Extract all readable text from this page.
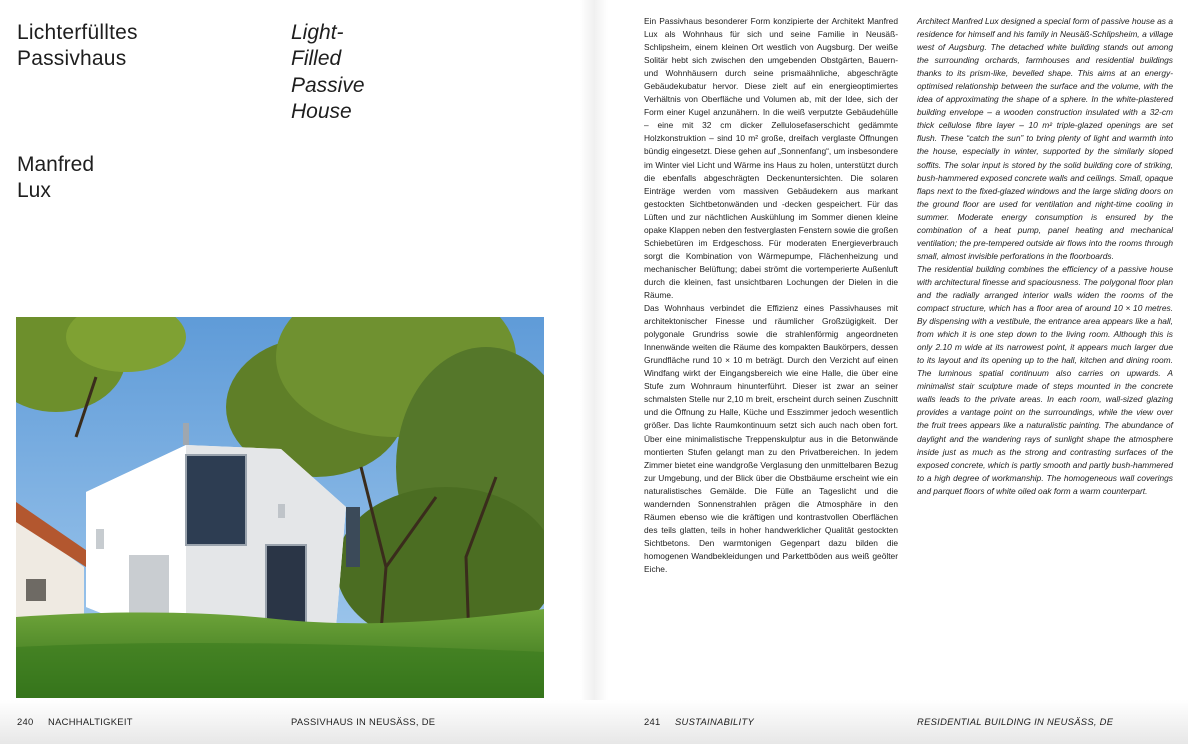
Lichterfülltes
Passivhaus
Light-
Filled
Passive
House
Manfred
Lux

Ein Passivhaus besonderer Form konzipierte der Architekt Manfred Lux als Wohnhaus für sich und seine Familie in Neusäß-Schlipsheim, einem kleinen Ort westlich von Augsburg. Der weiße Solitär hebt sich zwischen den umgebenden Obstgärten, Bauern- und Wohnhäusern durch seine prismaähnliche, abgeschrägte Gebäudekubatur hervor. Diese zielt auf ein energieoptimiertes Verhältnis von Oberfläche und Volumen ab, mit der Idee, sich der Form einer Kugel anzunähern. In die weiß verputzte Gebäudehülle – eine mit 32 cm dicker Zellulosefaserschicht gedämmte Holzkonstruktion – sind 10 m² große, dreifach verglaste Öffnungen bündig eingesetzt. Diese gehen auf „Sonnenfang“, um insbesondere im Winter viel Licht und Wärme ins Haus zu holen, unterstützt durch die ebenfalls abgeschrägten Deckenuntersichten. Die solaren Einträge werden vom massiven Gebäudekern aus markant gestockten Sichtbetonwänden und -decken gespeichert. Für das Lüften und zur nächtlichen Auskühlung im Sommer dienen kleine opake Klappen neben den festverglasten Fenstern sowie die großen Schiebetüren im Erdgeschoss. Für moderaten Energieverbrauch sorgt die Kombination von Wärmepumpe, Flächenheizung und mechanischer Belüftung; dabei strömt die vortemperierte Außenluft durch die kleinen, fast unsichtbaren Lochungen der Dielen in die Räume.

Das Wohnhaus verbindet die Effizienz eines Passivhauses mit architektonischer Finesse und räumlicher Großzügigkeit. Der polygonale Grundriss sowie die strahlenförmig angeordneten Innenwände weiten die Räume des kompakten Baukörpers, dessen Grundfläche rund 10 × 10 m beträgt. Durch den Verzicht auf einen Windfang wirkt der Eingangsbereich wie eine Halle, die über eine Stufe zum Wohnraum hinunterführt. Dieser ist zwar an seiner schmalsten Stelle nur 2,10 m breit, erscheint durch seinen Zuschnitt und die Öffnung zu Halle, Küche und Esszimmer jedoch wesentlich größer. Das lichte Raumkontinuum setzt sich auch nach oben fort. Über eine minimalistische Treppenskulptur aus in die Betonwände montierten Stufen gelangt man zu den Privatbereichen. In jedem Zimmer bietet eine wandgroße Verglasung den unmittelbaren Bezug zur Umgebung, und der Blick über die Obstbäume erscheint wie ein naturalistisches Gemälde. Die Fülle an Tageslicht und die wandernden Sonnenstrahlen prägen die Atmosphäre in den Räumen ebenso wie die kräftigen und kontrastvollen Oberflächen des teils glatten, teils in hoher handwerklicher Qualität gestockten Sichtbetons. Den warmtonigen Gegenpart dazu bilden die homogenen Wandbekleidungen und Parkettböden aus weiß geölter Eiche.

Architect Manfred Lux designed a special form of passive house as a residence for himself and his family in Neusäß-Schlipsheim, a village west of Augsburg. The detached white building stands out among the surrounding orchards, farmhouses and residential buildings thanks to its prism-like, bevelled shape. This aims at an energy-optimised relationship between the surface and the volume, with the idea of approximating the shape of a sphere. In the white-plastered building envelope – a wooden construction insulated with a 32-cm thick cellulose fibre layer – 10 m² triple-glazed openings are set flush. These “catch the sun” to bring plenty of light and warmth into the house, especially in winter, supported by the similarly sloped soffits. The solar input is stored by the solid building core of striking, bush-hammered exposed concrete walls and ceilings. Small, opaque flaps next to the fixed-glazed windows and the large sliding doors on the ground floor are used for ventilation and night-time cooling in summer. Moderate energy consumption is ensured by the combination of a heat pump, panel heating and mechanical ventilation; the pre-tempered outside air flows into the rooms through small, almost invisible perforations in the floorboards.

The residential building combines the efficiency of a passive house with architectural finesse and spaciousness. The polygonal floor plan and the radially arranged interior walls widen the rooms of the compact structure, which has a floor area of around 10 × 10 metres. By dispensing with a vestibule, the entrance area appears like a hall, from which it is one step down to the living room. Although this is only 2.10 m wide at its narrowest point, it appears much larger due to its layout and its opening up to the hall, kitchen and dining room. The luminous spatial continuum also carries on upwards. A minimalist stair sculpture made of steps mounted in the concrete walls leads to the private areas. In each room, wall-sized glazing provides a vantage point on the surroundings, while the view over the fruit trees appears like a naturalistic painting. The abundance of daylight and the wandering rays of sunlight shape the atmosphere inside just as much as the strong and contrasting surfaces of the exposed concrete, which is partly smooth and partly bush-hammered to a high degree of workmanship. The homogeneous wall coverings and parquet floors of white oiled oak form a warm counterpart.

240 NACHHALTIGKEIT	PASSIVHAUS IN NEUSÄSS, DE	241 SUSTAINABILITY	RESIDENTIAL BUILDING IN NEUSÄSS, DE
